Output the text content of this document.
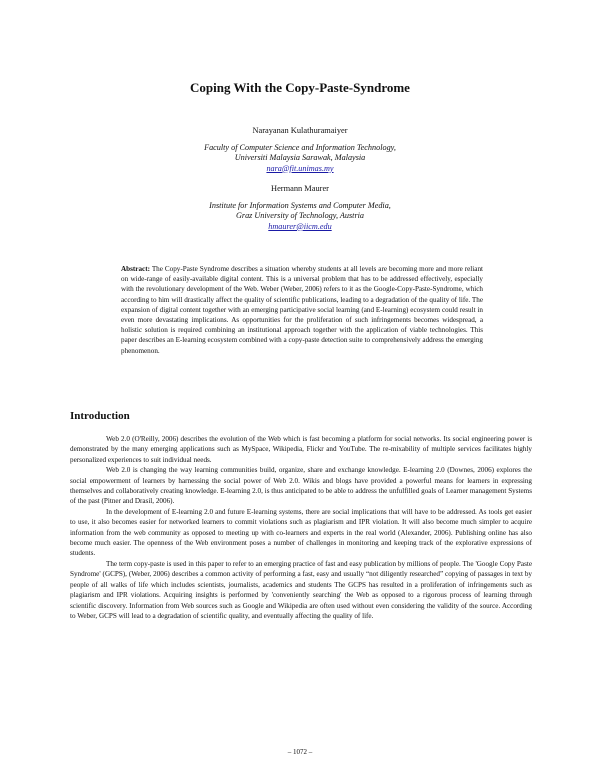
Coping With the Copy-Paste-Syndrome
Narayanan Kulathuramaiyer
Faculty of Computer Science and Information Technology,
Universiti Malaysia Sarawak, Malaysia
nara@fit.unimas.my
Hermann Maurer
Institute for Information Systems and Computer Media,
Graz University of Technology, Austria
hmaurer@iicm.edu
Abstract: The Copy-Paste Syndrome describes a situation whereby students at all levels are becoming more and more reliant on wide-range of easily-available digital content. This is a universal problem that has to be addressed effectively, especially with the revolutionary development of the Web. Weber (Weber, 2006) refers to it as the Google-Copy-Paste-Syndrome, which according to him will drastically affect the quality of scientific publications, leading to a degradation of the quality of life. The expansion of digital content together with an emerging participative social learning (and E-learning) ecosystem could result in even more devastating implications. As opportunities for the proliferation of such infringements becomes widespread, a holistic solution is required combining an institutional approach together with the application of viable technologies. This paper describes an E-learning ecosystem combined with a copy-paste detection suite to comprehensively address the emerging phenomenon.
Introduction

Web 2.0 (O'Reilly, 2006) describes the evolution of the Web which is fast becoming a platform for social networks. Its social engineering power is demonstrated by the many emerging applications such as MySpace, Wikipedia, Flickr and YouTube. The re-mixability of multiple services facilitates highly personalized experiences to suit individual needs.

Web 2.0 is changing the way learning communities build, organize, share and exchange knowledge. E-learning 2.0 (Downes, 2006) explores the social empowerment of learners by harnessing the social power of Web 2.0. Wikis and blogs have provided a powerful means for learners in expressing themselves and collaboratively creating knowledge. E-learning 2.0, is thus anticipated to be able to address the unfulfilled goals of Learner management Systems of the past (Pitner and Drasil, 2006).

In the development of E-learning 2.0 and future E-learning systems, there are social implications that will have to be addressed. As tools get easier to use, it also becomes easier for networked learners to commit violations such as plagiarism and IPR violation. It will also become much simpler to acquire information from the web community as opposed to meeting up with co-learners and experts in the real world (Alexander, 2006). Publishing online has also become much easier. The openness of the Web environment poses a number of challenges in monitoring and keeping track of the explorative expressions of students.

The term copy-paste is used in this paper to refer to an emerging practice of fast and easy publication by millions of people. The 'Google Copy Paste Syndrome' (GCPS), (Weber, 2006) describes a common activity of performing a fast, easy and usually “not diligently researched” copying of passages in text by people of all walks of life which includes scientists, journalists, academics and students The GCPS has resulted in a proliferation of infringements such as plagiarism and IPR violations. Acquiring insights is performed by 'conveniently searching' the Web as opposed to a rigorous process of learning through scientific discovery. Information from Web sources such as Google and Wikipedia are often used without even considering the validity of the source. According to Weber, GCPS will lead to a degradation of scientific quality, and eventually affecting the quality of life.

– 1072 –
